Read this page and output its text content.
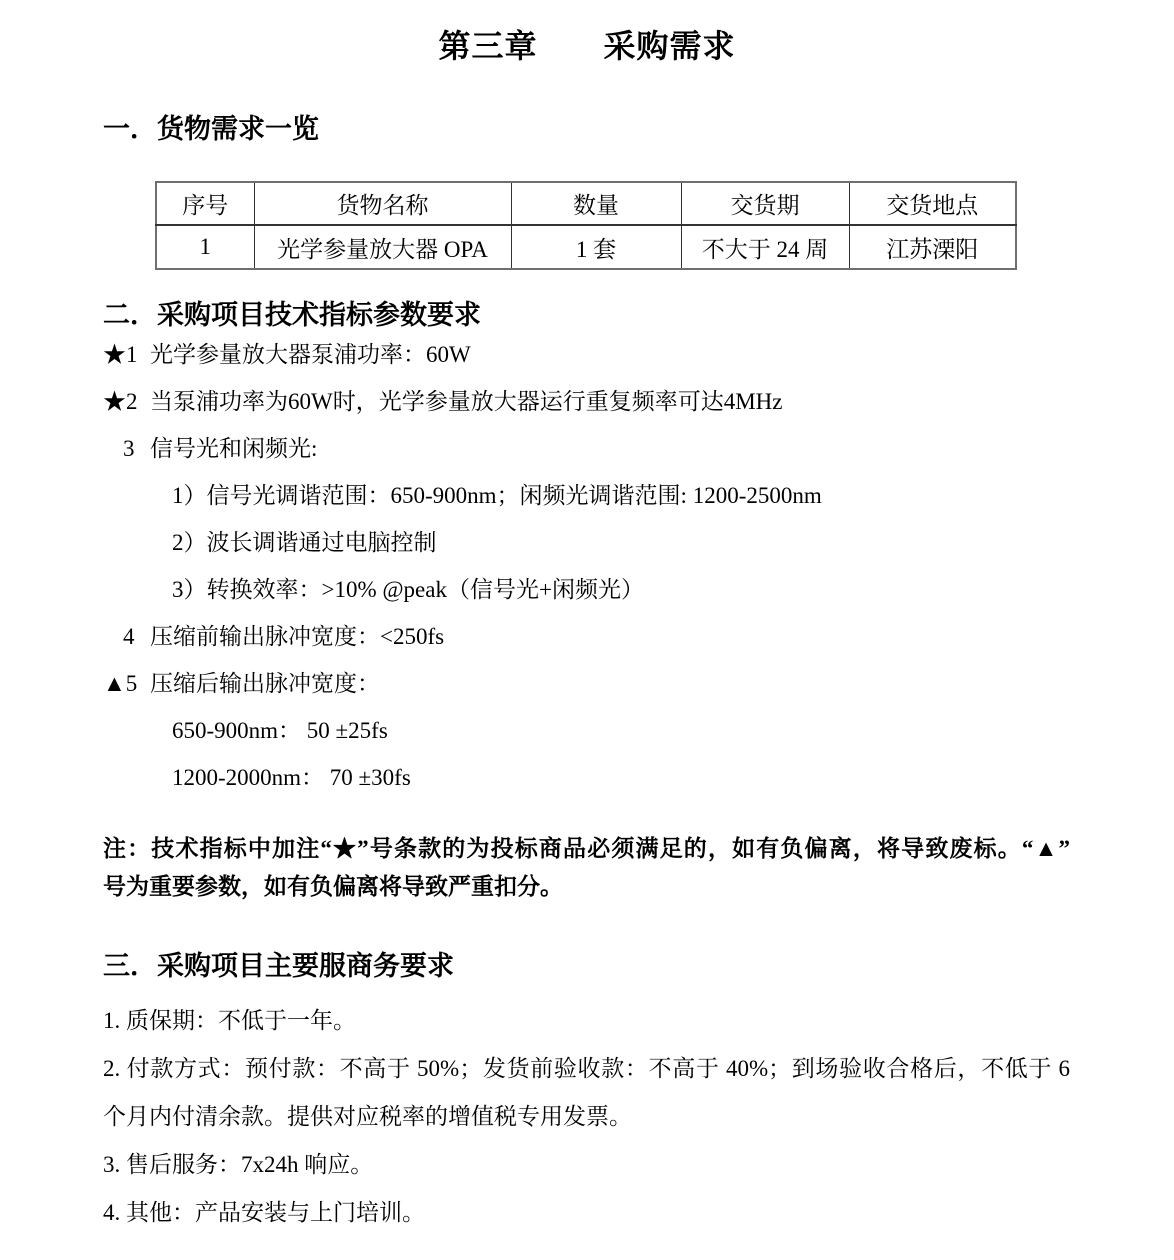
第三章　　采购需求
一．货物需求一览
序号	货物名称	数量	交货期	交货地点
1	光学参量放大器 OPA	1 套	不大于 24 周	江苏溧阳
二．采购项目技术指标参数要求
★1 光学参量放大器泵浦功率：60W
★2 当泵浦功率为60W时，光学参量放大器运行重复频率可达4MHz
3 信号光和闲频光:
1） 信号光调谐范围：650-900nm；闲频光调谐范围: 1200-2500nm
2） 波长调谐通过电脑控制
3） 转换效率：>10% @peak（信号光+闲频光）
4 压缩前输出脉冲宽度：<250fs
▲5 压缩后输出脉冲宽度：
650-900nm： 50 ±25fs
1200-2000nm： 70 ±30fs
注：技术指标中加注“★”号条款的为投标商品必须满足的，如有负偏离，将导致废标。“▲”
号为重要参数，如有负偏离将导致严重扣分。
三．采购项目主要服商务要求
1. 质保期：不低于一年。
2. 付款方式：预付款：不高于 50%；发货前验收款：不高于 40%；到场验收合格后，不低于 6
个月内付清余款。提供对应税率的增值税专用发票。
3. 售后服务：7x24h 响应。
4. 其他：产品安装与上门培训。
